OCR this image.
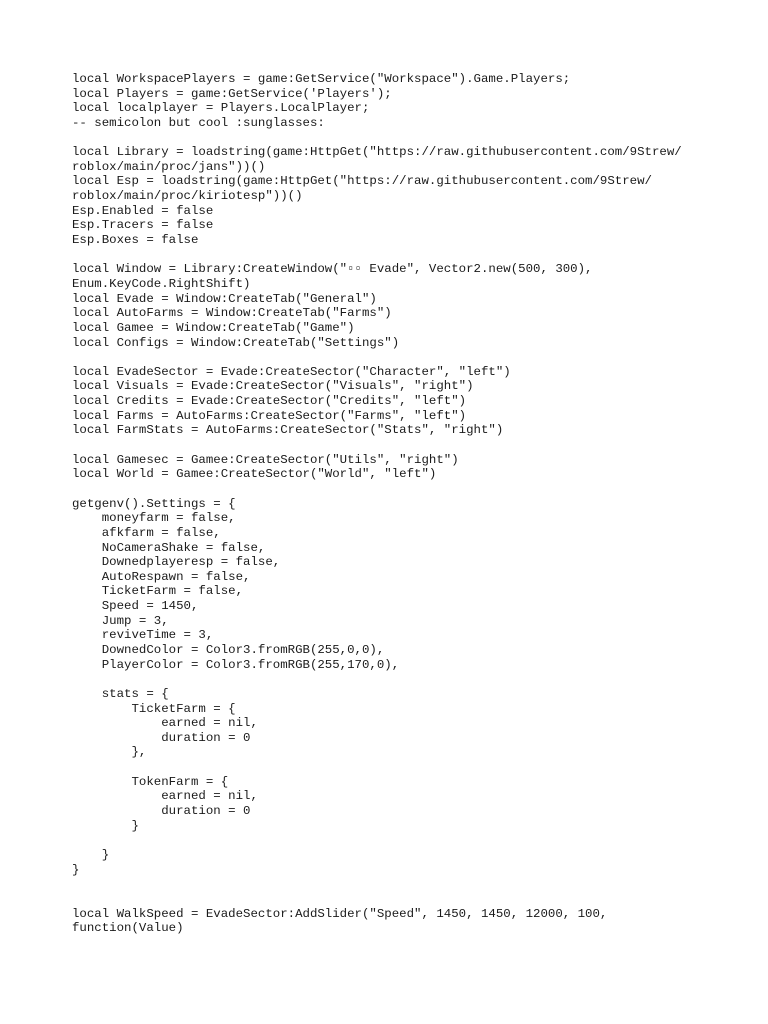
local WorkspacePlayers = game:GetService("Workspace").Game.Players;
local Players = game:GetService('Players');
local localplayer = Players.LocalPlayer;
-- semicolon but cool :sunglasses:
local Library = loadstring(game:HttpGet("https://raw.githubusercontent.com/9Strew/
roblox/main/proc/jans"))()
local Esp = loadstring(game:HttpGet("https://raw.githubusercontent.com/9Strew/
roblox/main/proc/kiriotesp"))()
Esp.Enabled = false
Esp.Tracers = false
Esp.Boxes = false
local Window = Library:CreateWindow("▫▫ Evade", Vector2.new(500, 300),
Enum.KeyCode.RightShift)
local Evade = Window:CreateTab("General")
local AutoFarms = Window:CreateTab("Farms")
local Gamee = Window:CreateTab("Game")
local Configs = Window:CreateTab("Settings")
local EvadeSector = Evade:CreateSector("Character", "left")
local Visuals = Evade:CreateSector("Visuals", "right")
local Credits = Evade:CreateSector("Credits", "left")
local Farms = AutoFarms:CreateSector("Farms", "left")
local FarmStats = AutoFarms:CreateSector("Stats", "right")
local Gamesec = Gamee:CreateSector("Utils", "right")
local World = Gamee:CreateSector("World", "left")
getgenv().Settings = {
moneyfarm = false,
afkfarm = false,
NoCameraShake = false,
Downedplayeresp = false,
AutoRespawn = false,
TicketFarm = false,
Speed = 1450,
Jump = 3,
reviveTime = 3,
DownedColor = Color3.fromRGB(255,0,0),
PlayerColor = Color3.fromRGB(255,170,0),
stats = {
TicketFarm = {
earned = nil,
duration = 0
},
TokenFarm = {
earned = nil,
duration = 0
}
}
}
local WalkSpeed = EvadeSector:AddSlider("Speed", 1450, 1450, 12000, 100,
function(Value)
